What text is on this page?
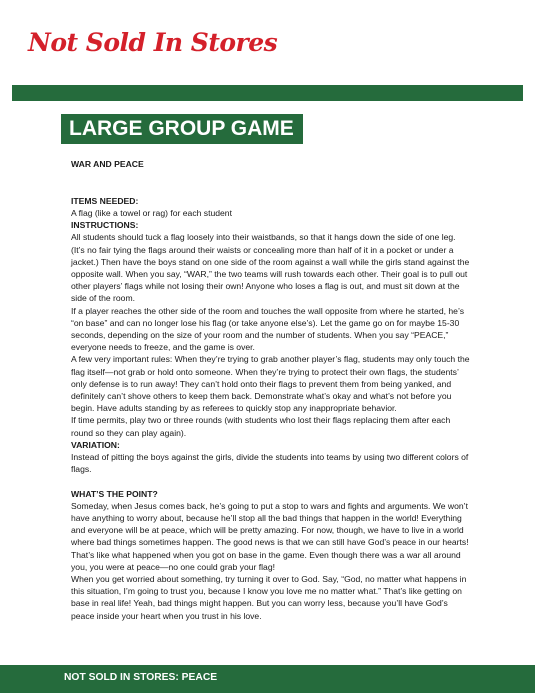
Not Sold In Stores
LARGE GROUP GAME

WAR AND PEACE

ITEMS NEEDED:

A flag (like a towel or rag) for each student

INSTRUCTIONS:

All students should tuck a flag loosely into their waistbands, so that it hangs down the side of one leg. (It’s no fair tying the flags around their waists or concealing more than half of it in a pocket or under a jacket.) Then have the boys stand on one side of the room against a wall while the girls stand against the opposite wall. When you say, “WAR,” the two teams will rush towards each other. Their goal is to pull out other players’ flags while not losing their own! Anyone who loses a flag is out, and must sit down at the side of the room.

If a player reaches the other side of the room and touches the wall opposite from where he started, he’s “on base” and can no longer lose his flag (or take anyone else’s). Let the game go on for maybe 15-30 seconds, depending on the size of your room and the number of students. When you say “PEACE,” everyone needs to freeze, and the game is over.

A few very important rules: When they’re trying to grab another player’s flag, students may only touch the flag itself—not grab or hold onto someone. When they’re trying to protect their own flags, the students’ only defense is to run away! They can’t hold onto their flags to prevent them from being yanked, and definitely can’t shove others to keep them back. Demonstrate what’s okay and what’s not before you begin. Have adults standing by as referees to quickly stop any inappropriate behavior.

If time permits, play two or three rounds (with students who lost their flags replacing them after each round so they can play again).

VARIATION:

Instead of pitting the boys against the girls, divide the students into teams by using two different colors of flags.

WHAT’S THE POINT?

Someday, when Jesus comes back, he’s going to put a stop to wars and fights and arguments. We won’t have anything to worry about, because he’ll stop all the bad things that happen in the world! Everything and everyone will be at peace, which will be pretty amazing. For now, though, we have to live in a world where bad things sometimes happen. The good news is that we can still have God’s peace in our hearts! That’s like what happened when you got on base in the game. Even though there was a war all around you, you were at peace—no one could grab your flag!

When you get worried about something, try turning it over to God. Say, “God, no matter what happens in this situation, I’m going to trust you, because I know you love me no matter what.” That’s like getting on base in real life! Yeah, bad things might happen. But you can worry less, because you’ll have God’s peace inside your heart when you trust in his love.

NOT SOLD IN STORES: PEACE
